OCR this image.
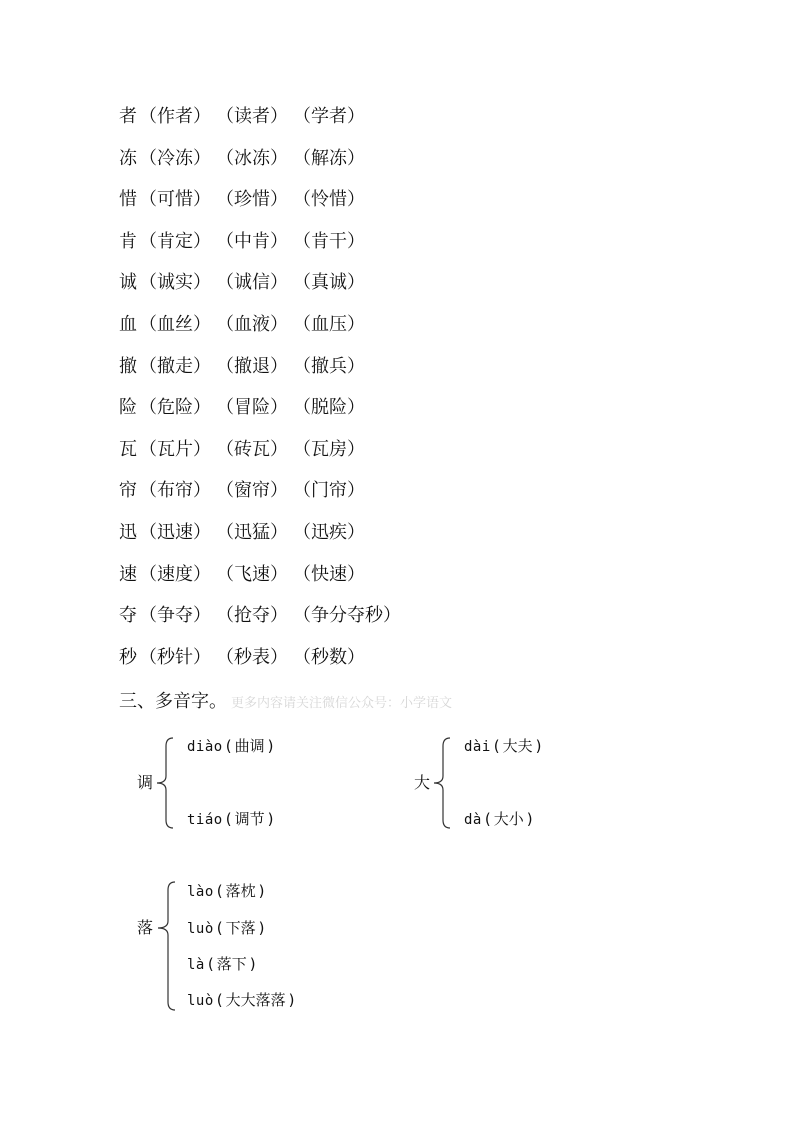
者 （作者） （读者） （学者）
冻 （冷冻） （冰冻） （解冻）
惜 （可惜） （珍惜） （怜惜）
肯 （肯定） （中肯） （肯干）
诚 （诚实） （诚信） （真诚）
血 （血丝） （血液） （血压）
撤 （撤走） （撤退） （撤兵）
险 （危险） （冒险） （脱险）
瓦 （瓦片） （砖瓦） （瓦房）
帘 （布帘） （窗帘） （门帘）
迅 （迅速） （迅猛） （迅疾）
速 （速度） （飞速） （快速）
夺 （争夺） （抢夺） （争分夺秒）
秒 （秒针） （秒表） （秒数）
三、多音字。 更多内容请关注微信公众号：小学语文
调
diào ( 曲调 )
tiáo ( 调节 )
大
dài ( 大夫 )
dà ( 大小 )
落
lào ( 落枕 )
luò ( 下落 )
là ( 落下 )
luò ( 大大落落 )
